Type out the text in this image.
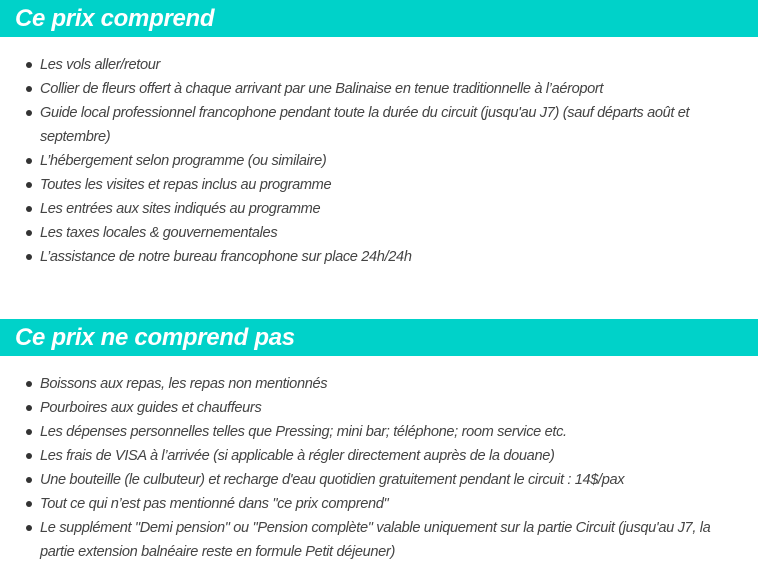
Ce prix comprend
Les vols aller/retour
Collier de fleurs offert à chaque arrivant par une Balinaise en tenue traditionnelle à l’aéroport
Guide local professionnel francophone pendant toute la durée du circuit (jusqu'au J7) (sauf départs août et septembre)
L’hébergement selon programme (ou similaire)
Toutes les visites et repas inclus au programme
Les entrées aux sites indiqués au programme
Les taxes locales & gouvernementales
L’assistance de notre bureau francophone sur place 24h/24h
Ce prix ne comprend pas
Boissons aux repas, les repas non mentionnés
Pourboires aux guides et chauffeurs
Les dépenses personnelles telles que Pressing; mini bar; téléphone; room service etc.
Les frais de VISA à l’arrivée (si applicable à régler directement auprès de la douane)
Une bouteille (le culbuteur) et recharge d'eau quotidien gratuitement pendant le circuit : 14$/pax
Tout ce qui n’est pas mentionné dans "ce prix comprend"
Le supplément "Demi pension" ou "Pension complète" valable uniquement sur la partie Circuit (jusqu'au J7, la partie extension balnéaire reste en formule Petit déjeuner)
